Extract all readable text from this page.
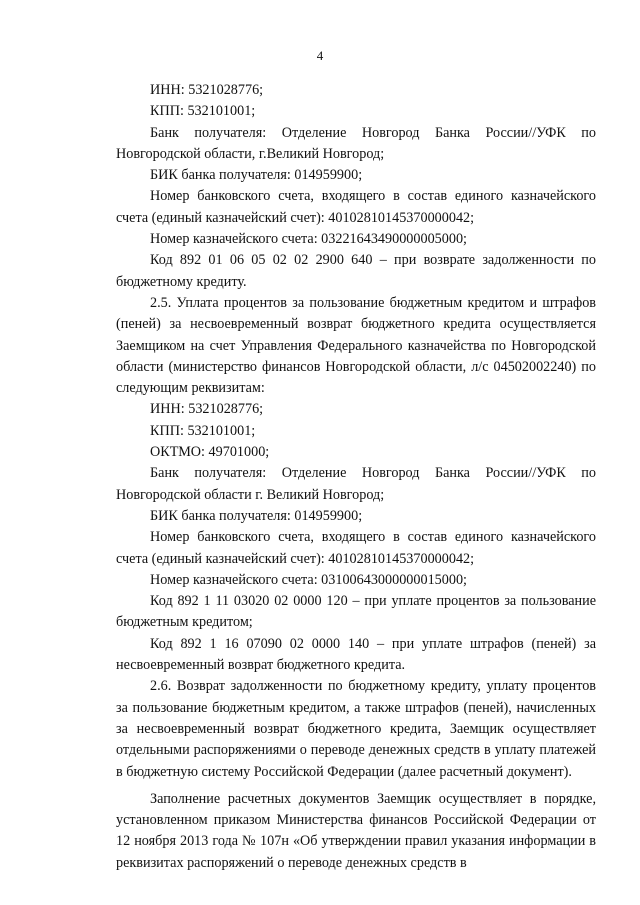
4

ИНН: 5321028776;

КПП: 532101001;

Банк получателя: Отделение Новгород Банка России//УФК по Новгородской области, г.Великий Новгород;

БИК банка получателя: 014959900;

Номер банковского счета, входящего в состав единого казначейского счета (единый казначейский счет): 40102810145370000042;

Номер казначейского счета: 03221643490000005000;

Код 892 01 06 05 02 02 2900 640 – при возврате задолженности по бюджетному кредиту.

2.5. Уплата процентов за пользование бюджетным кредитом и штрафов (пеней) за несвоевременный возврат бюджетного кредита осуществляется Заемщиком на счет Управления Федерального казначейства по Новгородской области (министерство финансов Новгородской области, л/с 04502002240) по следующим реквизитам:

ИНН: 5321028776;

КПП: 532101001;

ОКТМО: 49701000;

Банк получателя: Отделение Новгород Банка России//УФК по Новгородской области г. Великий Новгород;

БИК банка получателя: 014959900;

Номер банковского счета, входящего в состав единого казначейского счета (единый казначейский счет): 40102810145370000042;

Номер казначейского счета: 03100643000000015000;

Код 892 1 11 03020 02 0000 120 – при уплате процентов за пользование бюджетным кредитом;

Код 892 1 16 07090 02 0000 140 – при уплате штрафов (пеней) за несвоевременный возврат бюджетного кредита.

2.6. Возврат задолженности по бюджетному кредиту, уплату процентов за пользование бюджетным кредитом, а также штрафов (пеней), начисленных за несвоевременный возврат бюджетного кредита, Заемщик осуществляет отдельными распоряжениями о переводе денежных средств в уплату платежей в бюджетную систему Российской Федерации (далее расчетный документ).

Заполнение расчетных документов Заемщик осуществляет в порядке, установленном приказом Министерства финансов Российской Федерации от 12 ноября 2013 года № 107н «Об утверждении правил указания информации в реквизитах распоряжений о переводе денежных средств в
